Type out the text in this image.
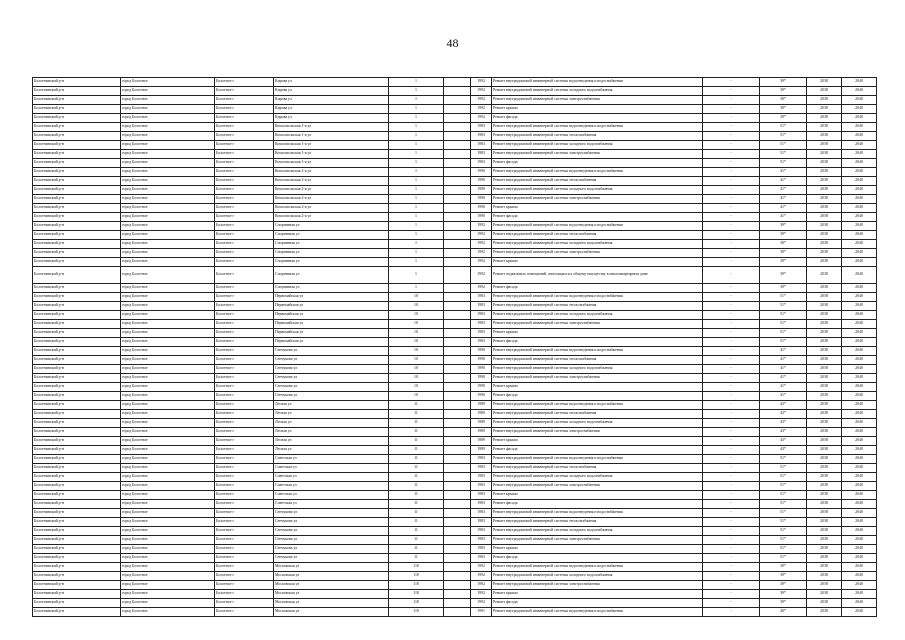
48
Болотнинский р-н	город Болотное	Болотное г	Кирова ул	1		1992	Ремонт внутридомовой инженерной системы водоотведения и водоснабжения	-	39*	2038	2040
Болотнинский р-н	город Болотное	Болотное г	Кирова ул	1		1992	Ремонт внутридомовой инженерной системы холодного водоснабжения	-	39*	2038	2040
Болотнинский р-н	город Болотное	Болотное г	Кирова ул	1		1992	Ремонт внутридомовой инженерной системы электроснабжения	-	39*	2038	2040
Болотнинский р-н	город Болотное	Болотное г	Кирова ул	1		1992	Ремонт крыши	-	39*	2038	2040
Болотнинский р-н	город Болотное	Болотное г	Кирова ул	1		1992	Ремонт фасада	-	39*	2038	2040
Болотнинский р-н	город Болотное	Болотное г	Комсомольская 1-я ул	1		1983	Ремонт внутридомовой инженерной системы водоотведения и водоснабжения	-	51*	2038	2040
Болотнинский р-н	город Болотное	Болотное г	Комсомольская 1-я ул	1		1983	Ремонт внутридомовой инженерной системы теплоснабжения	-	51*	2038	2040
Болотнинский р-н	город Болотное	Болотное г	Комсомольская 1-я ул	1		1983	Ремонт внутридомовой инженерной системы холодного водоснабжения	-	51*	2038	2040
Болотнинский р-н	город Болотное	Болотное г	Комсомольская 1-я ул	1		1983	Ремонт внутридомовой инженерной системы электроснабжения	-	51*	2038	2040
Болотнинский р-н	город Болотное	Болотное г	Комсомольская 1-я ул	1		1983	Ремонт фасада	-	51*	2038	2040
Болотнинский р-н	город Болотное	Болотное г	Комсомольская 2-я ул	1		1990	Ремонт внутридомовой инженерной системы водоотведения и водоснабжения	-	41*	2038	2040
Болотнинский р-н	город Болотное	Болотное г	Комсомольская 2-я ул	1		1990	Ремонт внутридомовой инженерной системы теплоснабжения	-	41*	2038	2040
Болотнинский р-н	город Болотное	Болотное г	Комсомольская 2-я ул	1		1990	Ремонт внутридомовой инженерной системы холодного водоснабжения	-	41*	2038	2040
Болотнинский р-н	город Болотное	Болотное г	Комсомольская 2-я ул	1		1990	Ремонт внутридомовой инженерной системы электроснабжения	-	41*	2038	2040
Болотнинский р-н	город Болотное	Болотное г	Комсомольская 2-я ул	1		1990	Ремонт крыши	-	41*	2038	2040
Болотнинский р-н	город Болотное	Болотное г	Комсомольская 2-я ул	1		1990	Ремонт фасада	-	41*	2038	2040
Болотнинский р-н	город Болотное	Болотное г	Спортивная ул	1		1992	Ремонт внутридомовой инженерной системы водоотведения и водоснабжения	-	39*	2038	2040
Болотнинский р-н	город Болотное	Болотное г	Спортивная ул	1		1992	Ремонт внутридомовой инженерной системы теплоснабжения	-	39*	2038	2040
Болотнинский р-н	город Болотное	Болотное г	Спортивная ул	1		1992	Ремонт внутридомовой инженерной системы холодного водоснабжения	-	39*	2038	2040
Болотнинский р-н	город Болотное	Болотное г	Спортивная ул	1		1992	Ремонт внутридомовой инженерной системы электроснабжения	-	39*	2038	2040
Болотнинский р-н	город Болотное	Болотное г	Спортивная ул	1		1992	Ремонт крыши	-	39*	2038	2040
Болотнинский р-н	город Болотное	Болотное г	Спортивная ул	1		1992	Ремонт подвальных помещений, относящихся к общему имуществу в многоквартирном доме	-	39*	2038	2040
Болотнинский р-н	город Болотное	Болотное г	Спортивная ул	1		1992	Ремонт фасада	-	39*	2038	2040
Болотнинский р-н	город Болотное	Болотное г	Первомайская ул	10		1983	Ремонт внутридомовой инженерной системы водоотведения и водоснабжения	-	51*	2038	2040
Болотнинский р-н	город Болотное	Болотное г	Первомайская ул	10		1983	Ремонт внутридомовой инженерной системы теплоснабжения	-	51*	2038	2040
Болотнинский р-н	город Болотное	Болотное г	Первомайская ул	10		1983	Ремонт внутридомовой инженерной системы холодного водоснабжения	-	51*	2038	2040
Болотнинский р-н	город Болотное	Болотное г	Первомайская ул	10		1983	Ремонт внутридомовой инженерной системы электроснабжения	-	51*	2038	2040
Болотнинский р-н	город Болотное	Болотное г	Первомайская ул	10		1983	Ремонт крыши	-	51*	2038	2040
Болотнинский р-н	город Болотное	Болотное г	Первомайская ул	10		1983	Ремонт фасада	-	51*	2038	2040
Болотнинский р-н	город Болотное	Болотное г	Сенчукова ул	10		1990	Ремонт внутридомовой инженерной системы водоотведения и водоснабжения	-	41*	2038	2040
Болотнинский р-н	город Болотное	Болотное г	Сенчукова ул	10		1990	Ремонт внутридомовой инженерной системы теплоснабжения	-	41*	2038	2040
Болотнинский р-н	город Болотное	Болотное г	Сенчукова ул	10		1990	Ремонт внутридомовой инженерной системы холодного водоснабжения	-	41*	2038	2040
Болотнинский р-н	город Болотное	Болотное г	Сенчукова ул	10		1990	Ремонт внутридомовой инженерной системы электроснабжения	-	41*	2038	2040
Болотнинский р-н	город Болотное	Болотное г	Сенчукова ул	10		1990	Ремонт крыши	-	41*	2038	2040
Болотнинский р-н	город Болотное	Болотное г	Сенчукова ул	10		1990	Ремонт фасада	-	41*	2038	2040
Болотнинский р-н	город Болотное	Болотное г	Лесная ул	11		1989	Ремонт внутридомовой инженерной системы водоотведения и водоснабжения	-	43*	2038	2040
Болотнинский р-н	город Болотное	Болотное г	Лесная ул	11		1989	Ремонт внутридомовой инженерной системы теплоснабжения	-	43*	2038	2040
Болотнинский р-н	город Болотное	Болотное г	Лесная ул	11		1989	Ремонт внутридомовой инженерной системы холодного водоснабжения	-	43*	2038	2040
Болотнинский р-н	город Болотное	Болотное г	Лесная ул	11		1989	Ремонт внутридомовой инженерной системы электроснабжения	-	43*	2038	2040
Болотнинский р-н	город Болотное	Болотное г	Лесная ул	11		1989	Ремонт крыши	-	43*	2038	2040
Болотнинский р-н	город Болотное	Болотное г	Лесная ул	11		1989	Ремонт фасада	-	43*	2038	2040
Болотнинский р-н	город Болотное	Болотное г	Советская ул	11		1983	Ремонт внутридомовой инженерной системы водоотведения и водоснабжения	-	51*	2038	2040
Болотнинский р-н	город Болотное	Болотное г	Советская ул	11		1983	Ремонт внутридомовой инженерной системы теплоснабжения	-	51*	2038	2040
Болотнинский р-н	город Болотное	Болотное г	Советская ул	11		1983	Ремонт внутридомовой инженерной системы холодного водоснабжения	-	51*	2038	2040
Болотнинский р-н	город Болотное	Болотное г	Советская ул	11		1983	Ремонт внутридомовой инженерной системы электроснабжения	-	51*	2038	2040
Болотнинский р-н	город Болотное	Болотное г	Советская ул	11		1983	Ремонт крыши	-	51*	2038	2040
Болотнинский р-н	город Болотное	Болотное г	Советская ул	11		1983	Ремонт фасада	-	51*	2038	2040
Болотнинский р-н	город Болотное	Болотное г	Сенчукова ул	11		1983	Ремонт внутридомовой инженерной системы водоотведения и водоснабжения	-	51*	2038	2040
Болотнинский р-н	город Болотное	Болотное г	Сенчукова ул	11		1983	Ремонт внутридомовой инженерной системы теплоснабжения	-	51*	2038	2040
Болотнинский р-н	город Болотное	Болотное г	Сенчукова ул	11		1983	Ремонт внутридомовой инженерной системы холодного водоснабжения	-	51*	2038	2040
Болотнинский р-н	город Болотное	Болотное г	Сенчукова ул	11		1983	Ремонт внутридомовой инженерной системы электроснабжения	-	51*	2038	2040
Болотнинский р-н	город Болотное	Болотное г	Сенчукова ул	11		1983	Ремонт крыши	-	51*	2038	2040
Болотнинский р-н	город Болотное	Болотное г	Сенчукова ул	11		1983	Ремонт фасада	-	51*	2038	2040
Болотнинский р-н	город Болотное	Болотное г	Московская ул	118		1992	Ремонт внутридомовой инженерной системы водоотведения и водоснабжения	-	39*	2038	2040
Болотнинский р-н	город Болотное	Болотное г	Московская ул	118		1992	Ремонт внутридомовой инженерной системы холодного водоснабжения	-	39*	2038	2040
Болотнинский р-н	город Болотное	Болотное г	Московская ул	118		1992	Ремонт внутридомовой инженерной системы электроснабжения	-	39*	2038	2040
Болотнинский р-н	город Болотное	Болотное г	Московская ул	118		1992	Ремонт крыши	-	39*	2038	2040
Болотнинский р-н	город Болотное	Болотное г	Московская ул	118		1992	Ремонт фасада	-	39*	2038	2040
Болотнинский р-н	город Болотное	Болотное г	Московская ул	119		1991	Ремонт внутридомовой инженерной системы водоотведения и водоснабжения	-	40*	2038	2040
